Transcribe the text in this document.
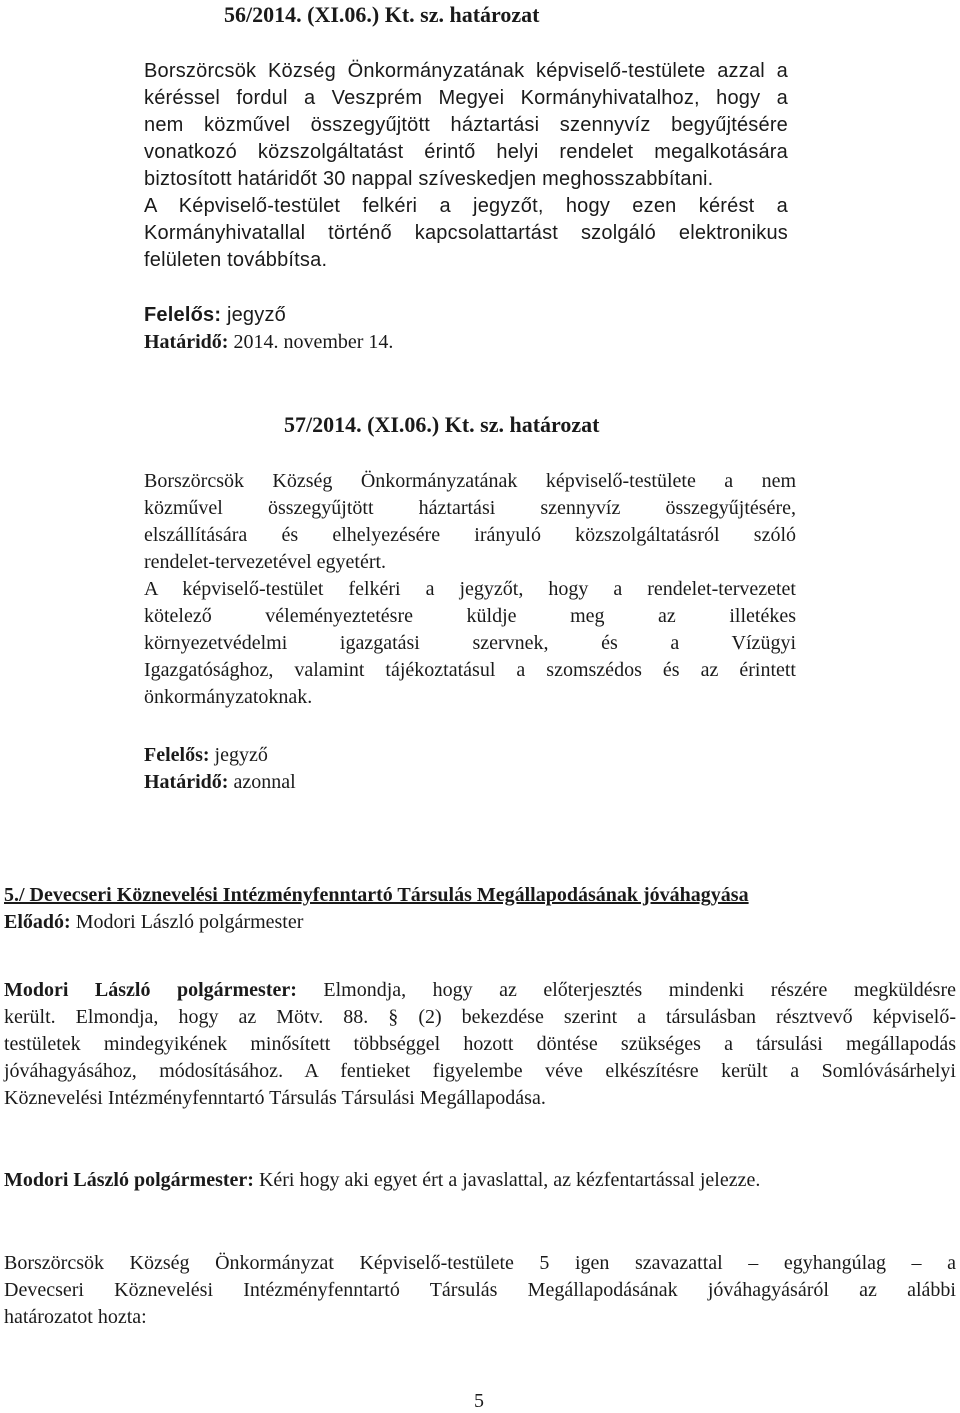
56/2014. (XI.06.) Kt. sz. határozat
Borszörcsök Község Önkormányzatának képviselő-testülete azzal a
kéréssel fordul a Veszprém Megyei Kormányhivatalhoz, hogy a
nem közművel összegyűjtött háztartási szennyvíz begyűjtésére
vonatkozó közszolgáltatást érintő helyi rendelet megalkotására
biztosított határidőt 30 nappal szíveskedjen meghosszabbítani.
A Képviselő-testület felkéri a jegyzőt, hogy ezen kérést a
Kormányhivatallal történő kapcsolattartást szolgáló elektronikus
felületen továbbítsa.
Felelős: jegyző
Határidő: 2014. november 14.
57/2014. (XI.06.) Kt. sz. határozat
Borszörcsök Község Önkormányzatának képviselő-testülete a nem
közművel összegyűjtött háztartási szennyvíz összegyűjtésére,
elszállítására és elhelyezésére irányuló közszolgáltatásról szóló
rendelet-tervezetével egyetért.
A képviselő-testület felkéri a jegyzőt, hogy a rendelet-tervezetet
kötelező véleményeztetésre küldje meg az illetékes
környezetvédelmi igazgatási szervnek, és a Vízügyi
Igazgatósághoz, valamint tájékoztatásul a szomszédos és az érintett
önkormányzatoknak.
Felelős: jegyző
Határidő: azonnal
5./ Devecseri Köznevelési Intézményfenntartó Társulás Megállapodásának jóváhagyása
Előadó: Modori László polgármester
Modori László polgármester: Elmondja, hogy az előterjesztés mindenki részére megküldésre
került. Elmondja, hogy az Mötv. 88. § (2) bekezdése szerint a társulásban résztvevő képviselő-
testületek mindegyikének minősített többséggel hozott döntése szükséges a társulási megállapodás
jóváhagyásához, módosításához. A fentieket figyelembe véve elkészítésre került a Somlóvásárhelyi
Köznevelési Intézményfenntartó Társulás Társulási Megállapodása.
Modori László polgármester: Kéri hogy aki egyet ért a javaslattal, az kézfentartással jelezze.
Borszörcsök Község Önkormányzat Képviselő-testülete 5 igen szavazattal – egyhangúlag – a
Devecseri Köznevelési Intézményfenntartó Társulás Megállapodásának jóváhagyásáról az alábbi
határozatot hozta:
5
